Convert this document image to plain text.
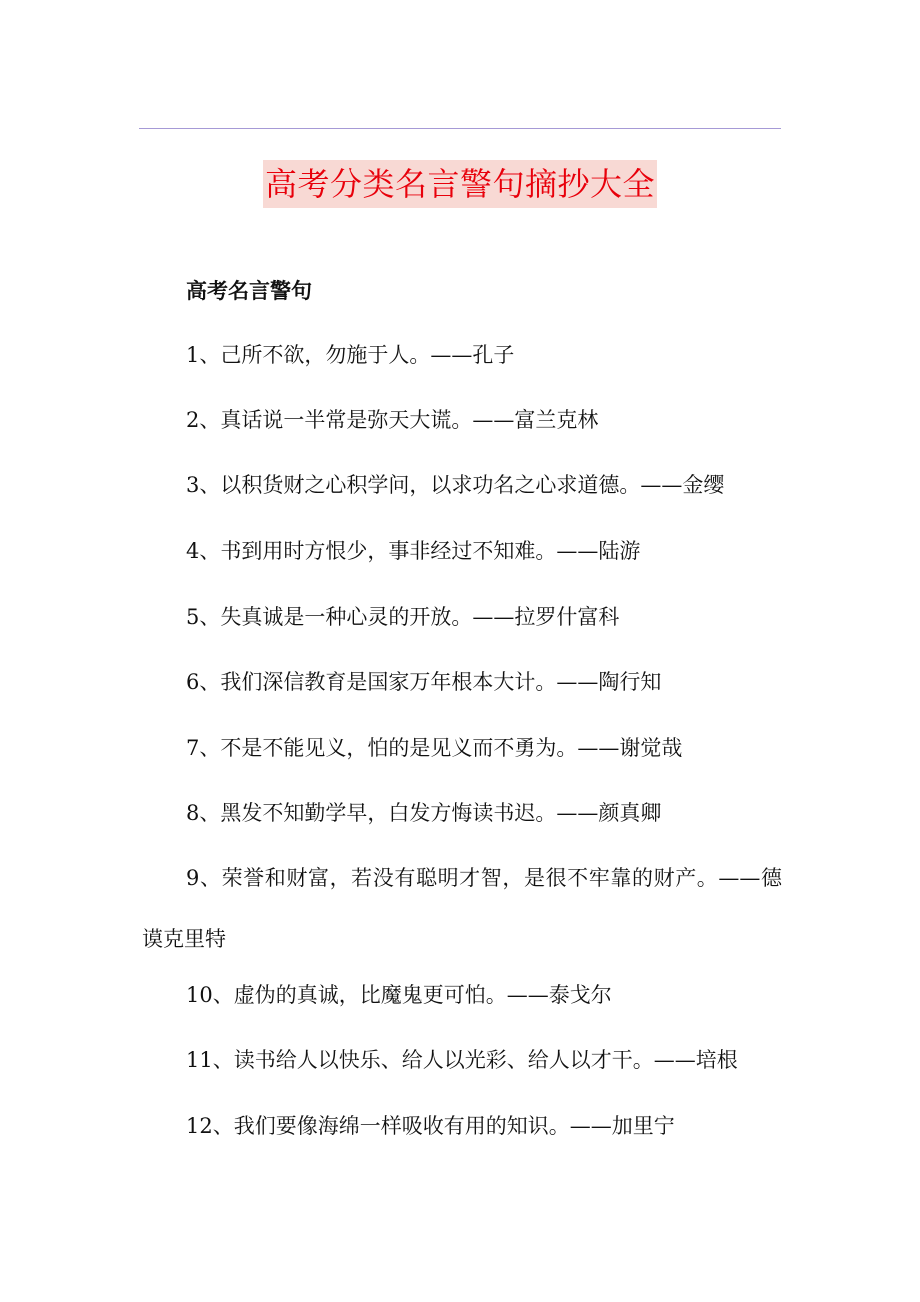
高考分类名言警句摘抄大全
高考名言警句
1、己所不欲，勿施于人。——孔子
2、真话说一半常是弥天大谎。——富兰克林
3、以积货财之心积学问，以求功名之心求道德。——金缨
4、书到用时方恨少，事非经过不知难。——陆游
5、失真诚是一种心灵的开放。——拉罗什富科
6、我们深信教育是国家万年根本大计。——陶行知
7、不是不能见义，怕的是见义而不勇为。——谢觉哉
8、黑发不知勤学早，白发方悔读书迟。——颜真卿
9、荣誉和财富，若没有聪明才智，是很不牢靠的财产。——德谟克里特
10、虚伪的真诚，比魔鬼更可怕。——泰戈尔
11、读书给人以快乐、给人以光彩、给人以才干。——培根
12、我们要像海绵一样吸收有用的知识。——加里宁
